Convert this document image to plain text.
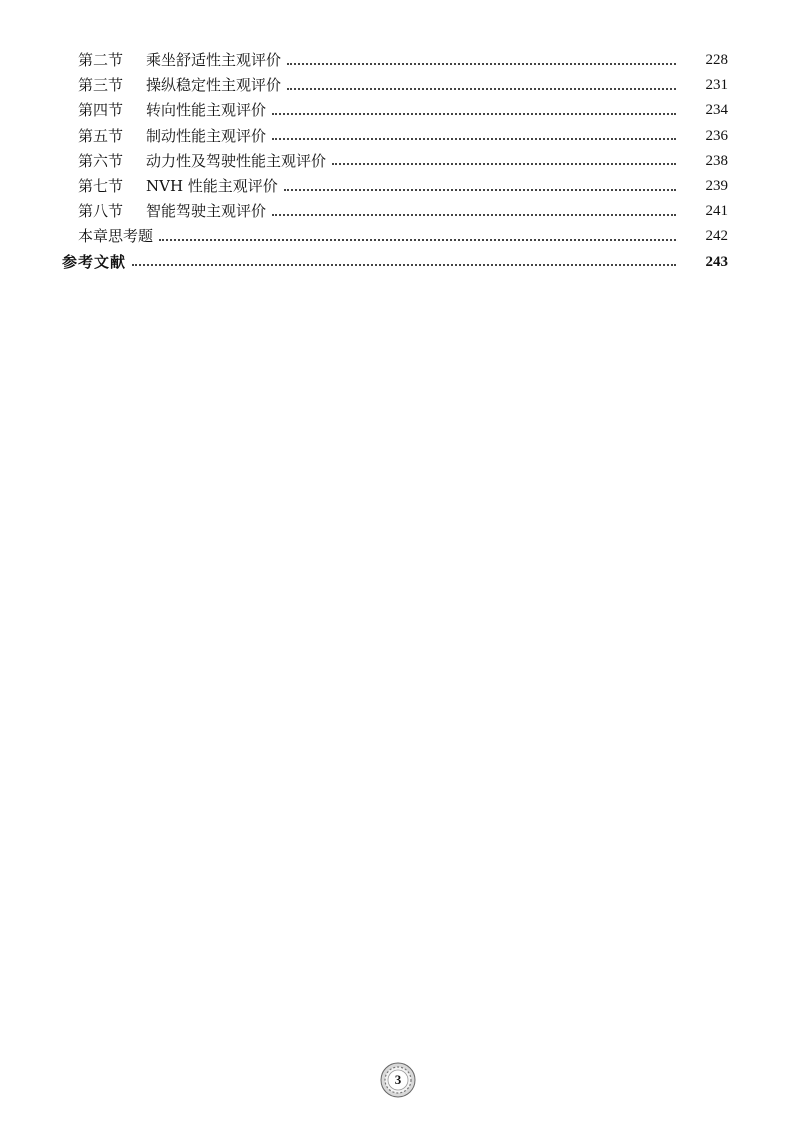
第二节	乘坐舒适性主观评价	228
第三节	操纵稳定性主观评价	231
第四节	转向性能主观评价	234
第五节	制动性能主观评价	236
第六节	动力性及驾驶性能主观评价	238
第七节	NVH 性能主观评价	239
第八节	智能驾驶主观评价	241
本章思考题	242
参考文献	243
3
